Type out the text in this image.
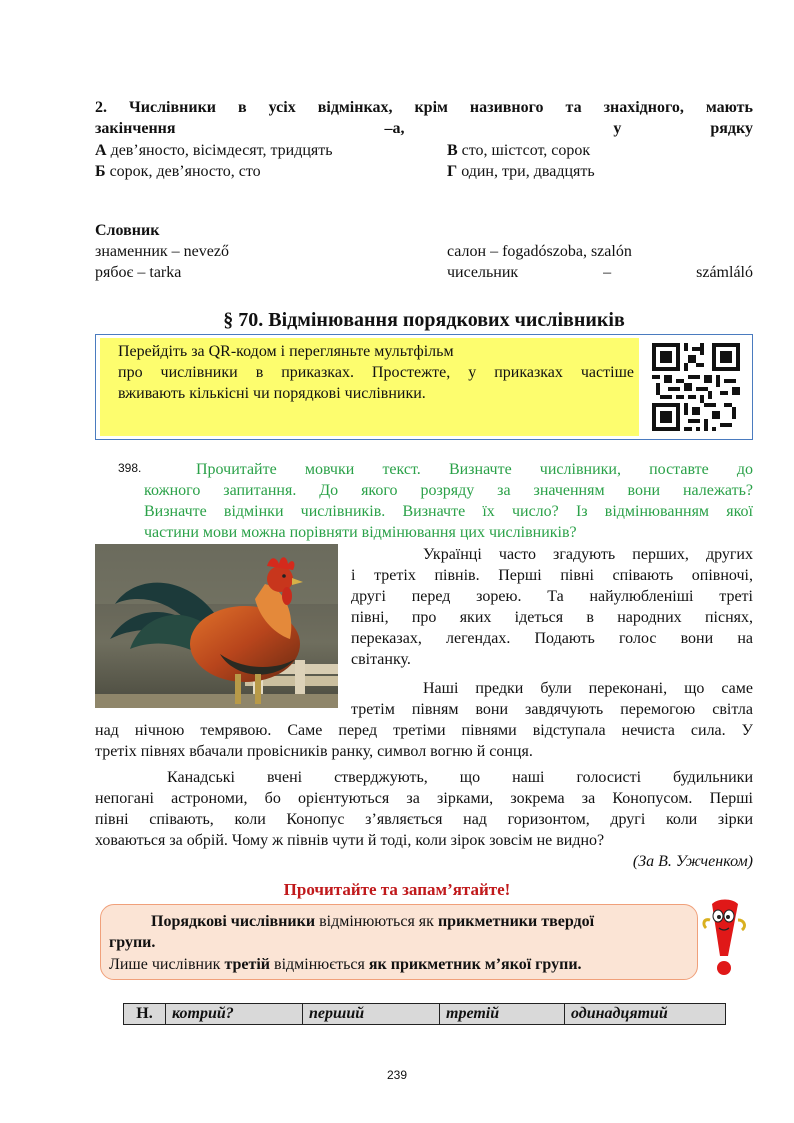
2. Числівники в усіх відмінках, крім називного та знахідного, мають
закінчення	–а,	у	рядку
А дев’яносто, вісімдесят, тридцять	В сто, шістсот, сорок
Б сорок, дев’яносто, сто	Г один, три, двадцять
Словник
знаменник – nevező	салон – fogadószoba, szalón
рябоє – tarka	чисельник	–	számláló
§ 70. Відмінювання порядкових числівників
Перейдіть за QR-кодом і перегляньте мультфільм
про числівники в приказках. Простежте, у приказках частіше
вживають кількісні чи порядкові числівники.
398.	Прочитайте мовчки текст. Визначте числівники, поставте до
кожного запитання. До якого розряду за значенням вони належать?
Визначте відмінки числівників. Визначте їх число? Із відмінюванням якої
частини мови можна порівняти відмінювання цих числівників?
Українці часто згадують перших, других
і третіх півнів. Перші півні співають опівночі,
другі перед зорею. Та найулюбленіші треті
півні, про яких ідеться в народних піснях,
переказах, легендах. Подають голос вони на
світанку.
Наші предки були переконані, що саме
третім півням вони завдячують перемогою світла
над нічною темрявою. Саме перед третіми півнями відступала нечиста сила. У
третіх півнях вбачали провісників ранку, символ вогню й сонця.
Канадські вчені стверджують, що наші голосисті будильники
непогані астрономи, бо орієнтуються за зірками, зокрема за Конопусом. Перші
півні співають, коли Конопус з’являється над горизонтом, другі коли зірки
ховаються за обрій. Чому ж півнів чути й тоді, коли зірок зовсім не видно?
(За В. Ужченком)
Прочитайте та запам’ятайте!
Порядкові числівники відмінюються як прикметники твердої
групи.
Лише числівник третій відмінюється як прикметник м’якої групи.
Н.	котрий?	перший	третій	одинадцятий
239
